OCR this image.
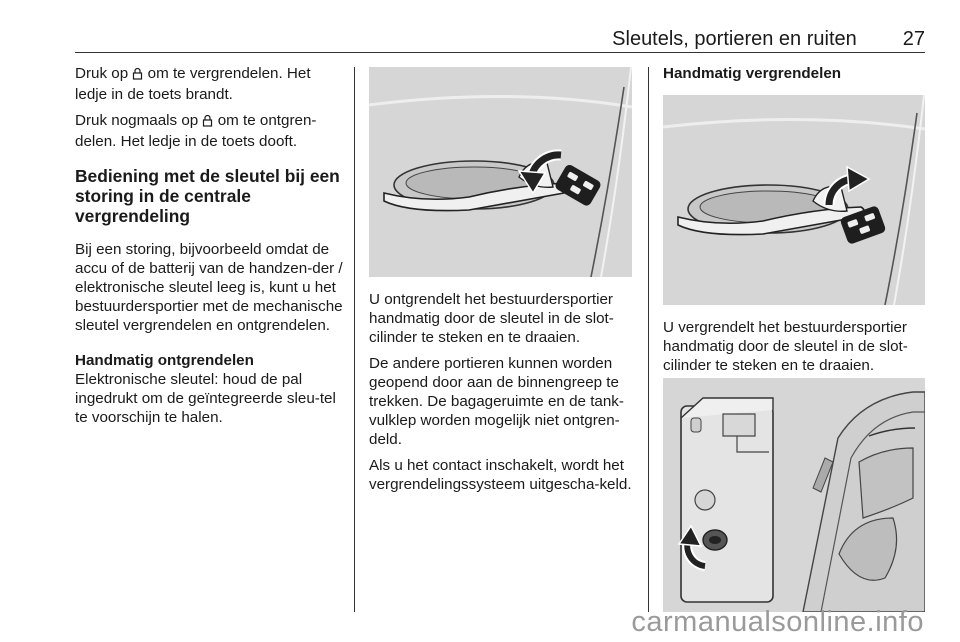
Sleutels, portieren en ruiten 27

Druk op  om te vergrendelen. Het ledje in de toets brandt.

Druk nogmaals op  om te ontgren-delen. Het ledje in de toets dooft.

Bediening met de sleutel bij een storing in de centrale vergrendeling

Bij een storing, bijvoorbeeld omdat de accu of de batterij van de handzen-der / elektronische sleutel leeg is, kunt u het bestuurdersportier met de mechanische sleutel vergrendelen en ontgrendelen.

Handmatig ontgrendelen

Elektronische sleutel: houd de pal ingedrukt om de geïntegreerde sleu-tel te voorschijn te halen.

U ontgrendelt het bestuurdersportier handmatig door de sleutel in de slot-cilinder te steken en te draaien.

De andere portieren kunnen worden geopend door aan de binnengreep te trekken. De bagageruimte en de tank-vulklep worden mogelijk niet ontgren-deld.

Als u het contact inschakelt, wordt het vergrendelingssysteem uitgescha-keld.

Handmatig vergrendelen

U vergrendelt het bestuurdersportier handmatig door de sleutel in de slot-cilinder te steken en te draaien.

carmanualsonline.info
